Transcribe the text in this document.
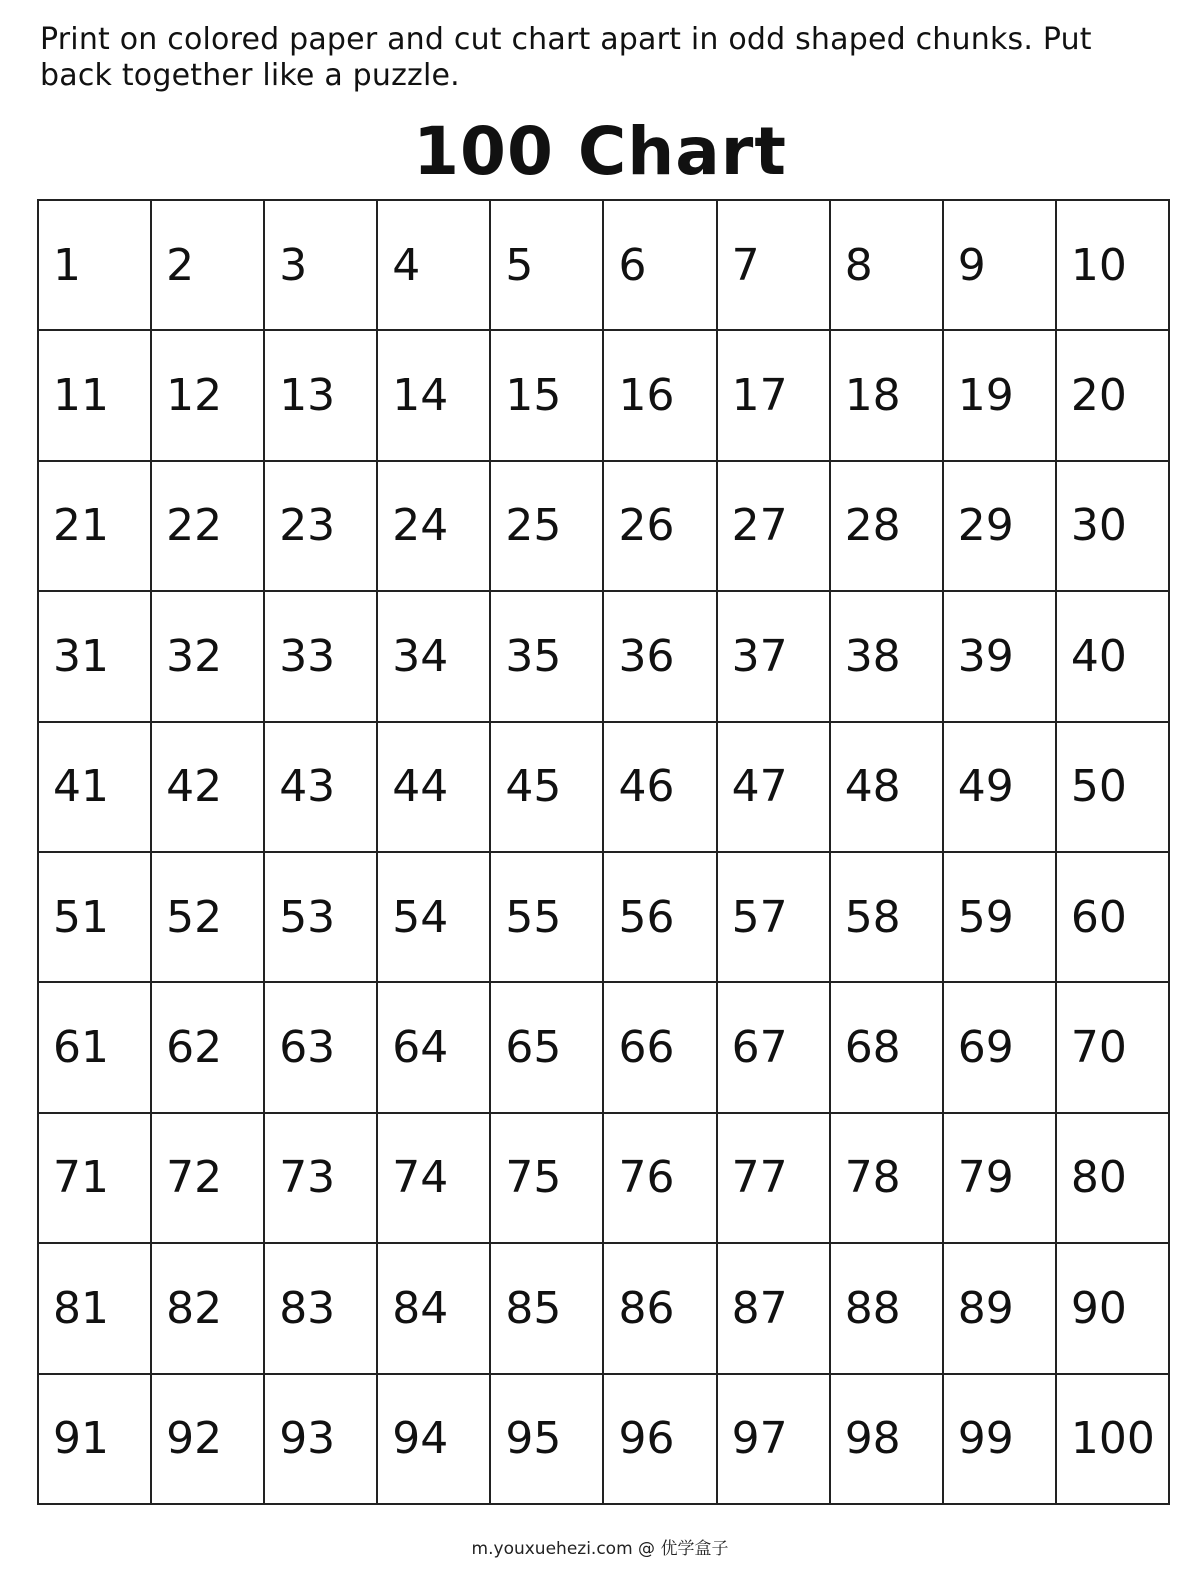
Print on colored paper and cut chart apart in odd shaped chunks. Put back together like a puzzle.
100 Chart
1	2	3	4	5	6	7	8	9	10
11	12	13	14	15	16	17	18	19	20
21	22	23	24	25	26	27	28	29	30
31	32	33	34	35	36	37	38	39	40
41	42	43	44	45	46	47	48	49	50
51	52	53	54	55	56	57	58	59	60
61	62	63	64	65	66	67	68	69	70
71	72	73	74	75	76	77	78	79	80
81	82	83	84	85	86	87	88	89	90
91	92	93	94	95	96	97	98	99	100
m.youxuehezi.com @ 优学盒子
